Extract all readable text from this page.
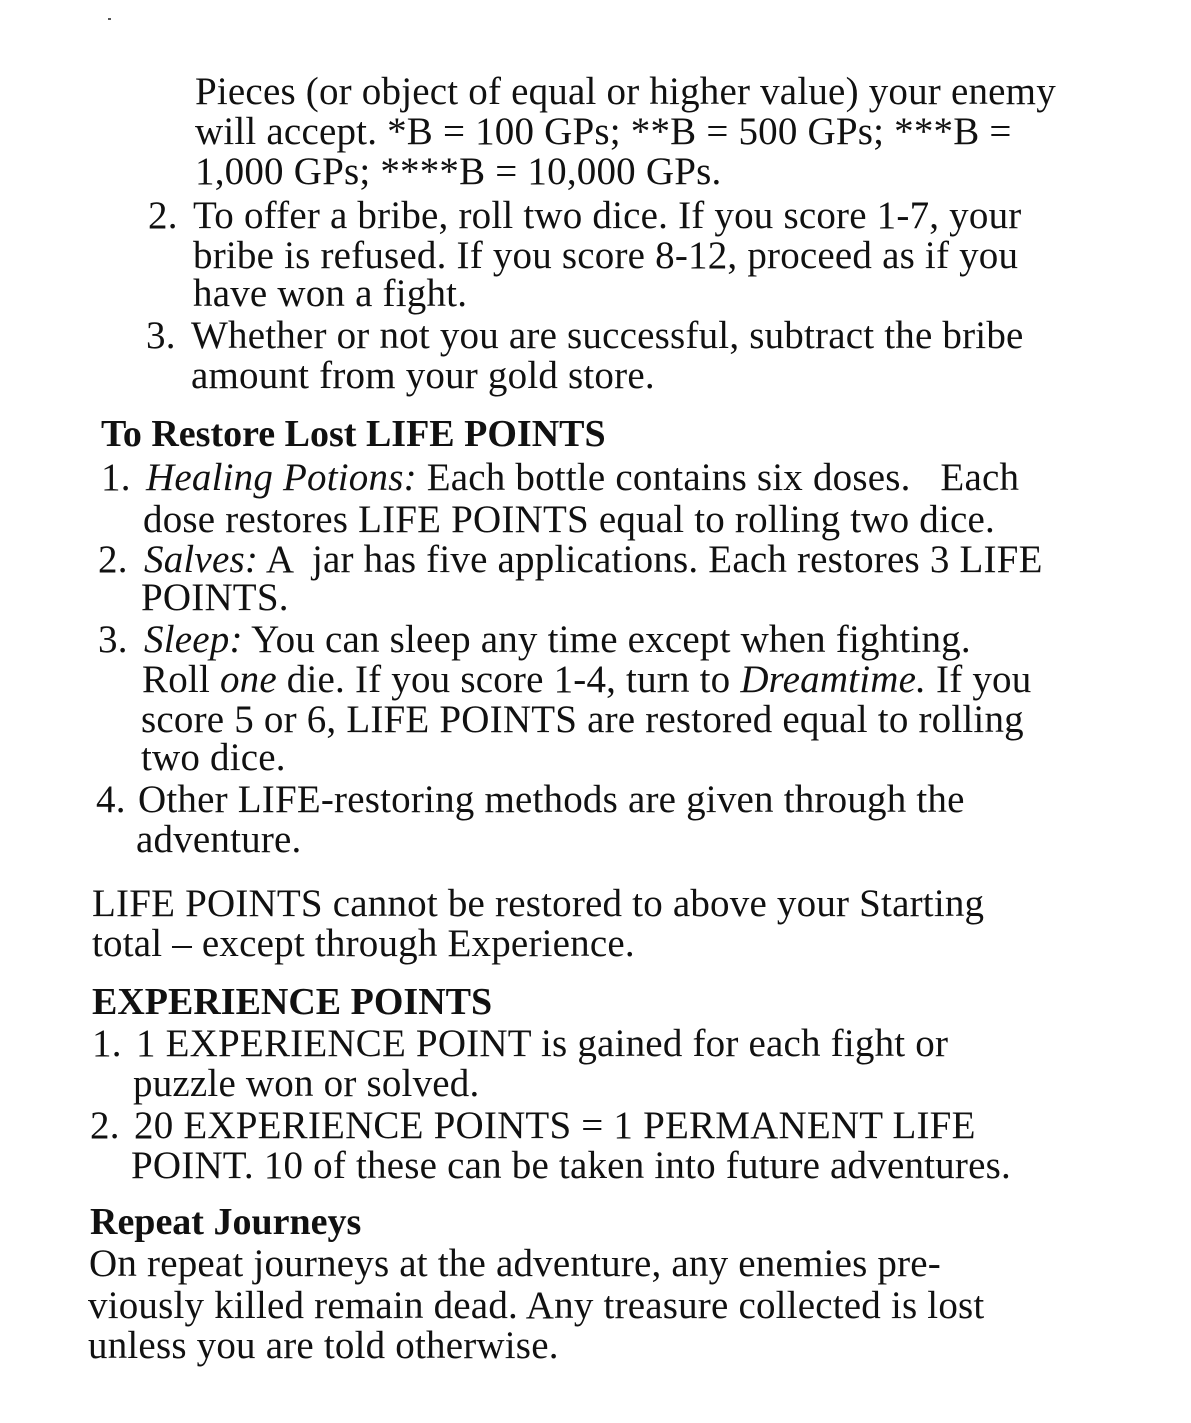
Pieces (or object of equal or higher value) your enemy
will accept. *B = 100 GPs; **B = 500 GPs; ***B =
1,000 GPs; ****B = 10,000 GPs.
2. To offer a bribe, roll two dice. If you score 1-7, your
bribe is refused. If you score 8-12, proceed as if you
have won a fight.
3. Whether or not you are successful, subtract the bribe
amount from your gold store.
To Restore Lost LIFE POINTS
1. Healing Potions: Each bottle contains six doses.   Each
dose restores LIFE POINTS equal to rolling two dice.
2. Salves: A  jar has five applications. Each restores 3 LIFE
POINTS.
3. Sleep: You can sleep any time except when fighting.
Roll one die. If you score 1-4, turn to Dreamtime. If you
score 5 or 6, LIFE POINTS are restored equal to rolling
two dice.
4. Other LIFE-restoring methods are given through the
adventure.
LIFE POINTS cannot be restored to above your Starting
total – except through Experience.
EXPERIENCE POINTS
1. 1 EXPERIENCE POINT is gained for each fight or
puzzle won or solved.
2. 20 EXPERIENCE POINTS = 1 PERMANENT LIFE
POINT. 10 of these can be taken into future adventures.
Repeat Journeys
On repeat journeys at the adventure, any enemies pre-
viously killed remain dead. Any treasure collected is lost
unless you are told otherwise.
